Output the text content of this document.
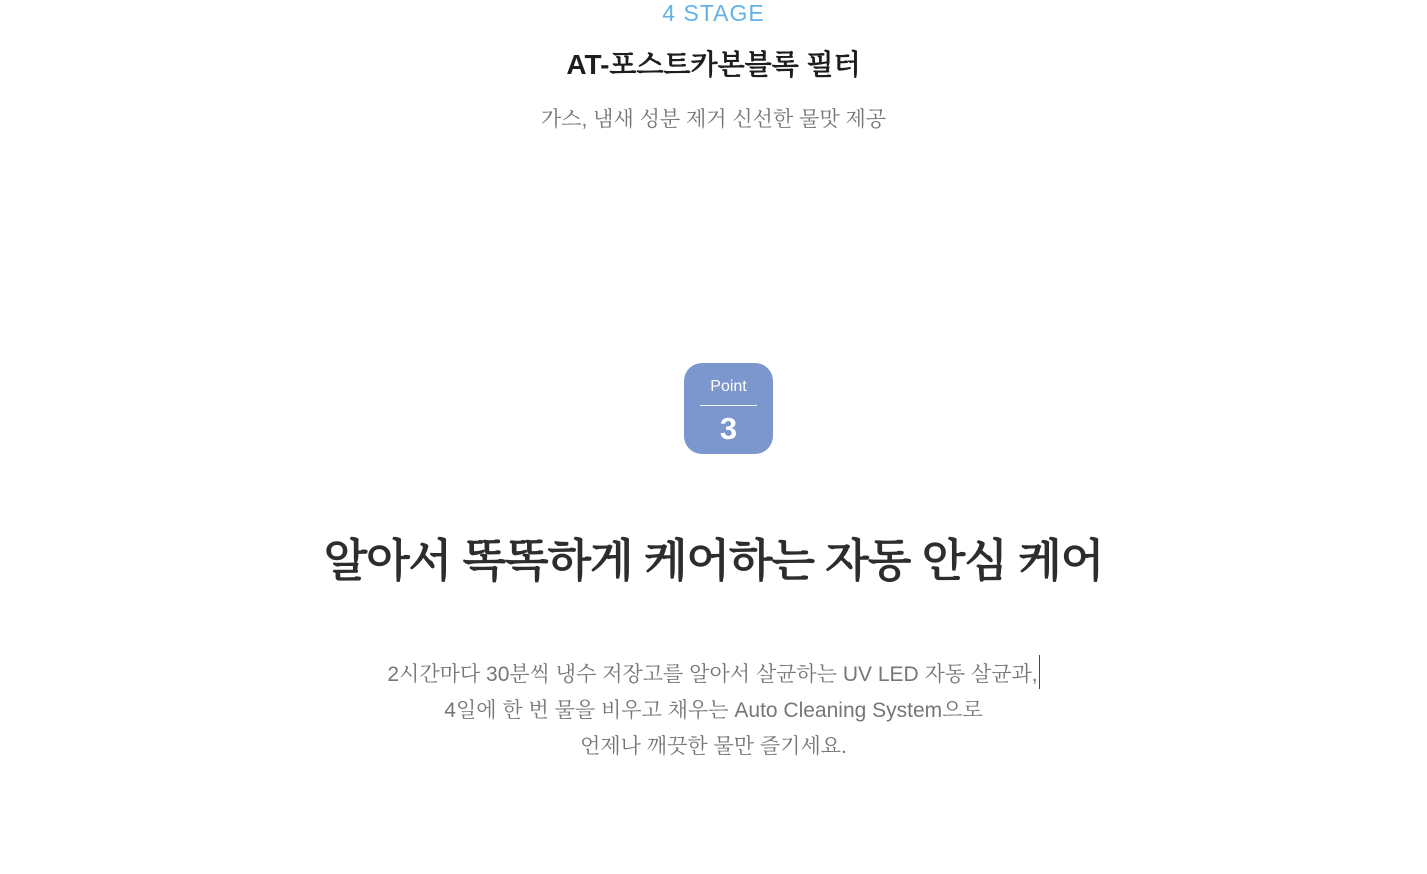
4 STAGE
AT-포스트카본블록 필터
가스, 냄새 성분 제거 신선한 물맛 제공
Point
3
알아서 똑똑하게 케어하는 자동 안심 케어

2시간마다 30분씩 냉수 저장고를 알아서 살균하는 UV LED 자동 살균과,
4일에 한 번 물을 비우고 채우는 Auto Cleaning System으로
언제나 깨끗한 물만 즐기세요.
